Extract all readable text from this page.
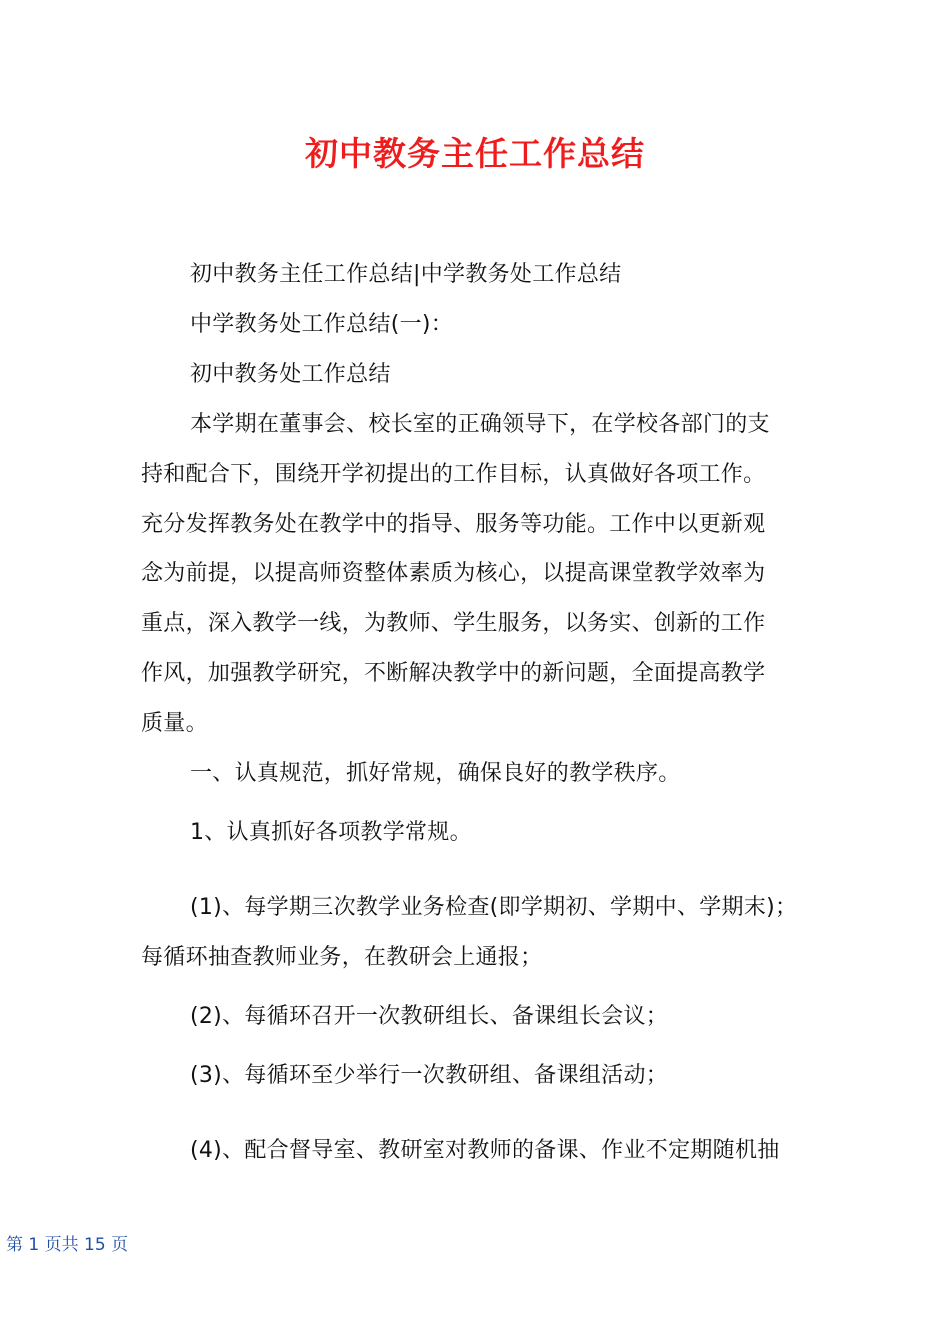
初中教务主任工作总结
初中教务主任工作总结|中学教务处工作总结
中学教务处工作总结(一)：
初中教务处工作总结
本学期在董事会、校长室的正确领导下，在学校各部门的支
持和配合下，围绕开学初提出的工作目标，认真做好各项工作。
充分发挥教务处在教学中的指导、服务等功能。工作中以更新观
念为前提，以提高师资整体素质为核心，以提高课堂教学效率为
重点，深入教学一线，为教师、学生服务，以务实、创新的工作
作风，加强教学研究，不断解决教学中的新问题，全面提高教学
质量。
一、认真规范，抓好常规，确保良好的教学秩序。
1、认真抓好各项教学常规。
(1)、每学期三次教学业务检查(即学期初、学期中、学期末)；
每循环抽查教师业务，在教研会上通报；
(2)、每循环召开一次教研组长、备课组长会议；
(3)、每循环至少举行一次教研组、备课组活动；
(4)、配合督导室、教研室对教师的备课、作业不定期随机抽
第 1 页共 15 页
